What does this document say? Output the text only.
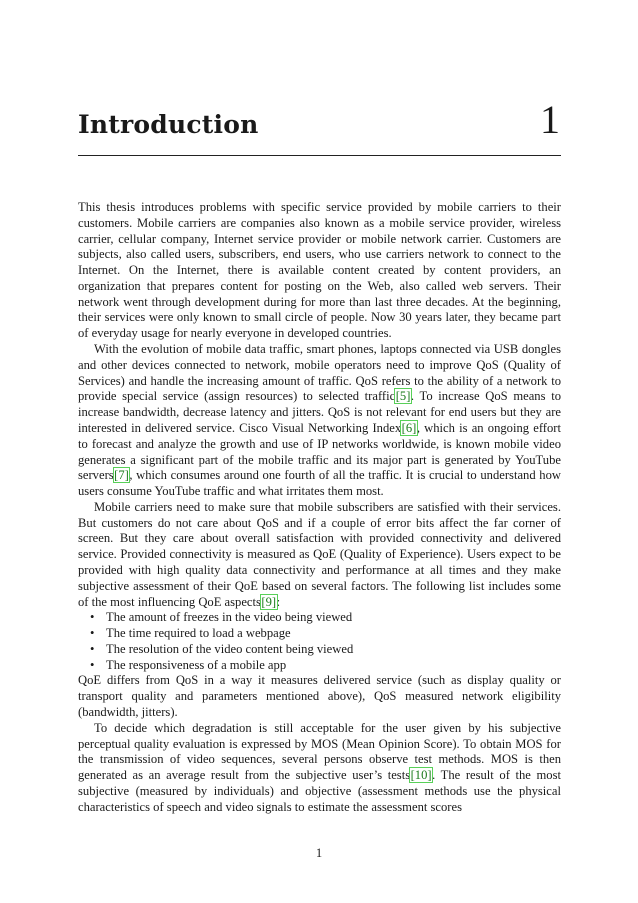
Introduction	1

This thesis introduces problems with specific service provided by mobile carriers to their customers. Mobile carriers are companies also known as a mobile service provider, wireless carrier, cellular company, Internet service provider or mobile network carrier. Customers are subjects, also called users, subscribers, end users, who use carriers network to connect to the Internet. On the Internet, there is available content created by content providers, an organization that prepares content for posting on the Web, also called web servers. Their network went through development during for more than last three decades. At the beginning, their services were only known to small circle of people. Now 30 years later, they became part of everyday usage for nearly everyone in developed countries.

With the evolution of mobile data traffic, smart phones, laptops connected via USB dongles and other devices connected to network, mobile operators need to improve QoS (Quality of Services) and handle the increasing amount of traffic. QoS refers to the ability of a network to provide special service (assign resources) to selected traffic[5]. To increase QoS means to increase bandwidth, decrease latency and jitters. QoS is not relevant for end users but they are interested in delivered service. Cisco Visual Networking Index[6], which is an ongoing effort to forecast and analyze the growth and use of IP networks worldwide, is known mobile video generates a significant part of the mobile traffic and its major part is generated by YouTube servers[7], which consumes around one fourth of all the traffic. It is crucial to understand how users consume YouTube traffic and what irritates them most.

Mobile carriers need to make sure that mobile subscribers are satisfied with their services. But customers do not care about QoS and if a couple of error bits affect the far corner of screen. But they care about overall satisfaction with provided connectivity and delivered service. Provided connectivity is measured as QoE (Quality of Experience). Users expect to be provided with high quality data connectivity and performance at all times and they make subjective assessment of their QoE based on several factors. The following list includes some of the most influencing QoE aspects[9]:

• The amount of freezes in the video being viewed
• The time required to load a webpage
• The resolution of the video content being viewed
• The responsiveness of a mobile app

QoE differs from QoS in a way it measures delivered service (such as display quality or transport quality and parameters mentioned above), QoS measured network eligibility (bandwidth, jitters).

To decide which degradation is still acceptable for the user given by his subjective perceptual quality evaluation is expressed by MOS (Mean Opinion Score). To obtain MOS for the transmission of video sequences, several persons observe test methods. MOS is then generated as an average result from the subjective user’s tests[10]. The result of the most subjective (measured by individuals) and objective (assessment methods use the physical characteristics of speech and video signals to estimate the assessment scores

1
